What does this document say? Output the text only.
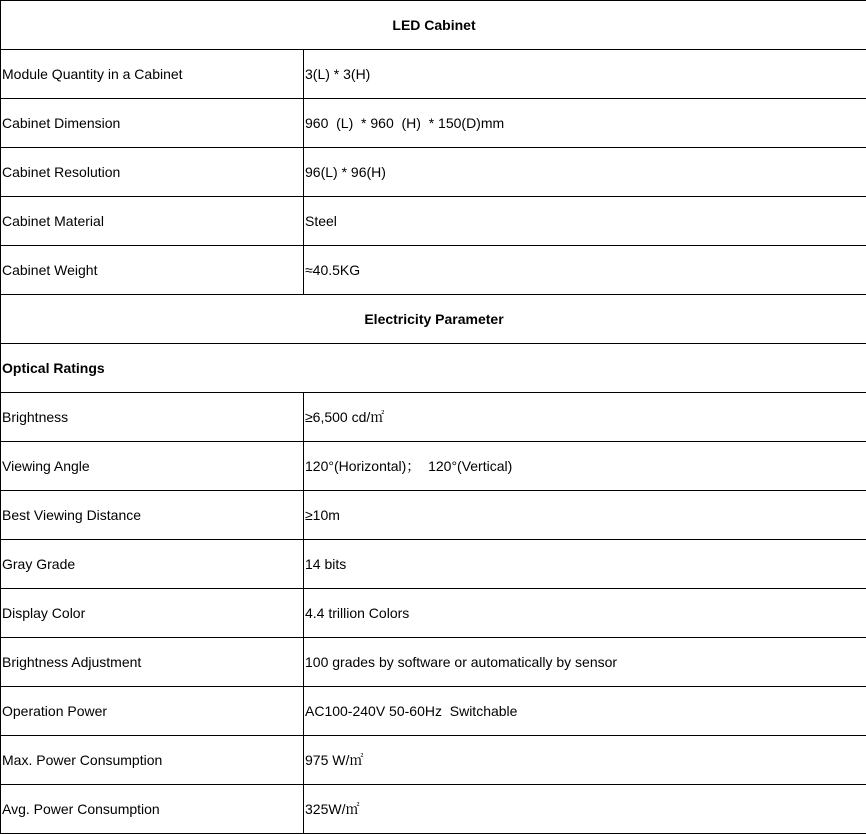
LED Cabinet	
Module Quantity in a Cabinet	3(L) * 3(H)
Cabinet Dimension	960  (L)  * 960  (H)  * 150(D)mm
Cabinet Resolution	96(L) * 96(H)
Cabinet Material	Steel
Cabinet Weight	≈40.5KG
Electricity Parameter	
Optical Ratings	
Brightness	≥6,500 cd/㎡
Viewing Angle	120°(Horizontal)；  120°(Vertical)
Best Viewing Distance	≥10m
Gray Grade	14 bits
Display Color	4.4 trillion Colors
Brightness Adjustment	100 grades by software or automatically by sensor
Operation Power	AC100-240V 50-60Hz  Switchable
Max. Power Consumption	975 W/㎡
Avg. Power Consumption	325W/㎡
